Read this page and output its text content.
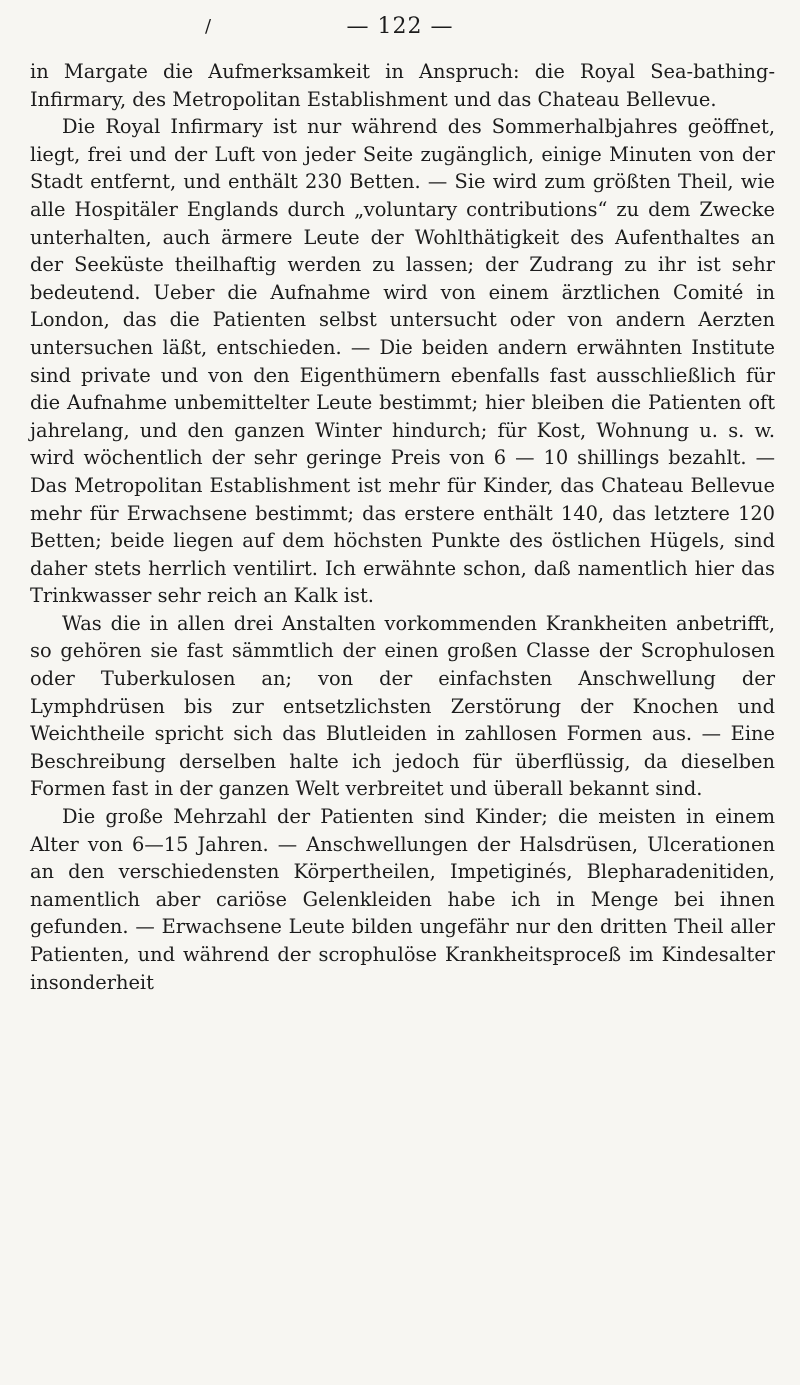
/	— 122 —

in Margate die Aufmerksamkeit in Anspruch: die Royal Sea-bathing-Infirmary, des Metropolitan Establishment und das Chateau Bellevue.

Die Royal Infirmary ist nur während des Sommerhalbjahres geöffnet, liegt, frei und der Luft von jeder Seite zugänglich, einige Minuten von der Stadt entfernt, und enthält 230 Betten. — Sie wird zum größten Theil, wie alle Hospitäler Englands durch „voluntary contributions“ zu dem Zwecke unterhalten, auch ärmere Leute der Wohlthätigkeit des Aufenthaltes an der Seeküste theilhaftig werden zu lassen; der Zudrang zu ihr ist sehr bedeutend. Ueber die Aufnahme wird von einem ärztlichen Comité in London, das die Patienten selbst untersucht oder von andern Aerzten untersuchen läßt, entschieden. — Die beiden andern erwähnten Institute sind private und von den Eigenthümern ebenfalls fast ausschließlich für die Aufnahme unbemittelter Leute bestimmt; hier bleiben die Patienten oft jahrelang, und den ganzen Winter hindurch; für Kost, Wohnung u. s. w. wird wöchentlich der sehr geringe Preis von 6 — 10 shillings bezahlt. — Das Metropolitan Establishment ist mehr für Kinder, das Chateau Bellevue mehr für Erwachsene bestimmt; das erstere enthält 140, das letztere 120 Betten; beide liegen auf dem höchsten Punkte des östlichen Hügels, sind daher stets herrlich ventilirt. Ich erwähnte schon, daß namentlich hier das Trinkwasser sehr reich an Kalk ist.

Was die in allen drei Anstalten vorkommenden Krankheiten anbetrifft, so gehören sie fast sämmtlich der einen großen Classe der Scrophulosen oder Tuberkulosen an; von der einfachsten Anschwellung der Lymphdrüsen bis zur entsetzlichsten Zerstörung der Knochen und Weichtheile spricht sich das Blutleiden in zahllosen Formen aus. — Eine Beschreibung derselben halte ich jedoch für überflüssig, da dieselben Formen fast in der ganzen Welt verbreitet und überall bekannt sind.

Die große Mehrzahl der Patienten sind Kinder; die meisten in einem Alter von 6—15 Jahren. — Anschwellungen der Halsdrüsen, Ulcerationen an den verschiedensten Körpertheilen, Impetiginés, Blepharadenitiden, namentlich aber cariöse Gelenkleiden habe ich in Menge bei ihnen gefunden. — Erwachsene Leute bilden ungefähr nur den dritten Theil aller Patienten, und während der scrophulöse Krankheitsproceß im Kindesalter insonderheit
